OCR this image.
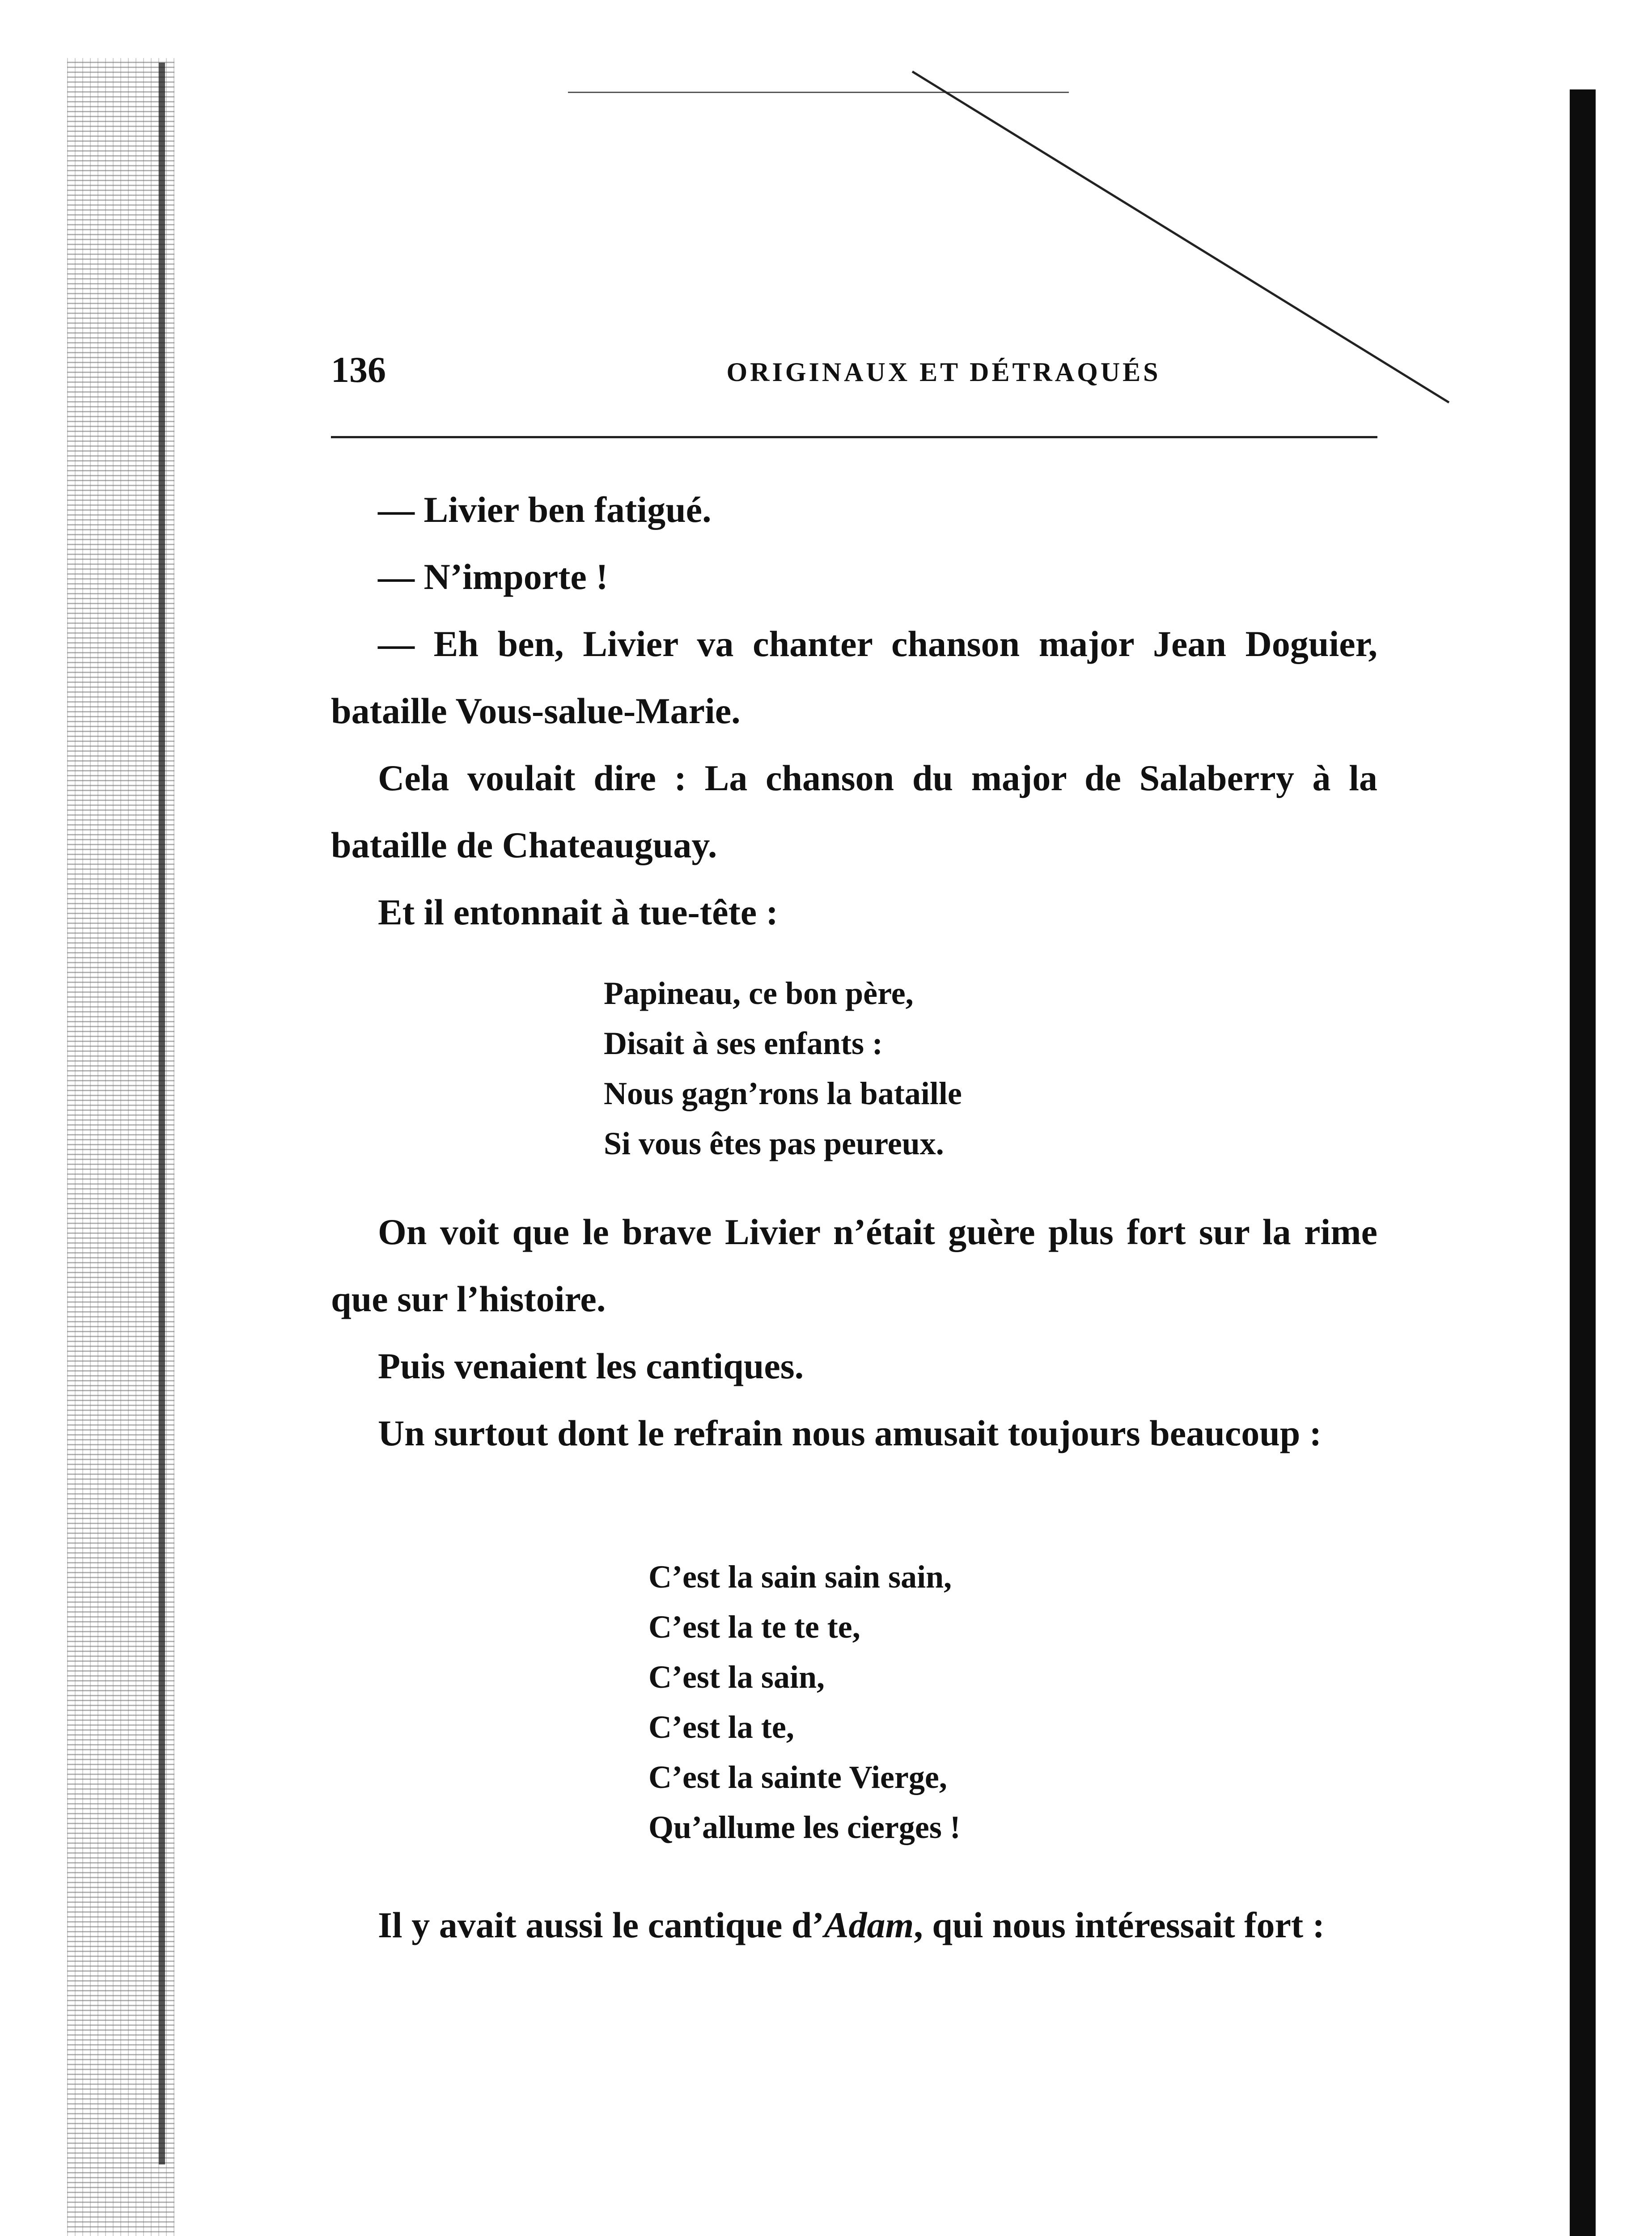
136	ORIGINAUX ET DÉTRAQUÉS

— Livier ben fatigué.

— N’importe !

— Eh ben, Livier va chanter chanson major Jean Doguier, bataille Vous-salue-Marie.

Cela voulait dire : La chanson du major de Salaberry à la bataille de Chateauguay.

Et il entonnait à tue-tête :

Papineau, ce bon père,
Disait à ses enfants :
Nous gagn’rons la bataille
Si vous êtes pas peureux.

On voit que le brave Livier n’était guère plus fort sur la rime que sur l’histoire.

Puis venaient les cantiques.

Un surtout dont le refrain nous amusait toujours beaucoup :

C’est la sain sain sain,
C’est la te te te,
C’est la sain,
C’est la te,
C’est la sainte Vierge,
Qu’allume les cierges !

Il y avait aussi le cantique d’Adam, qui nous intéressait fort :
